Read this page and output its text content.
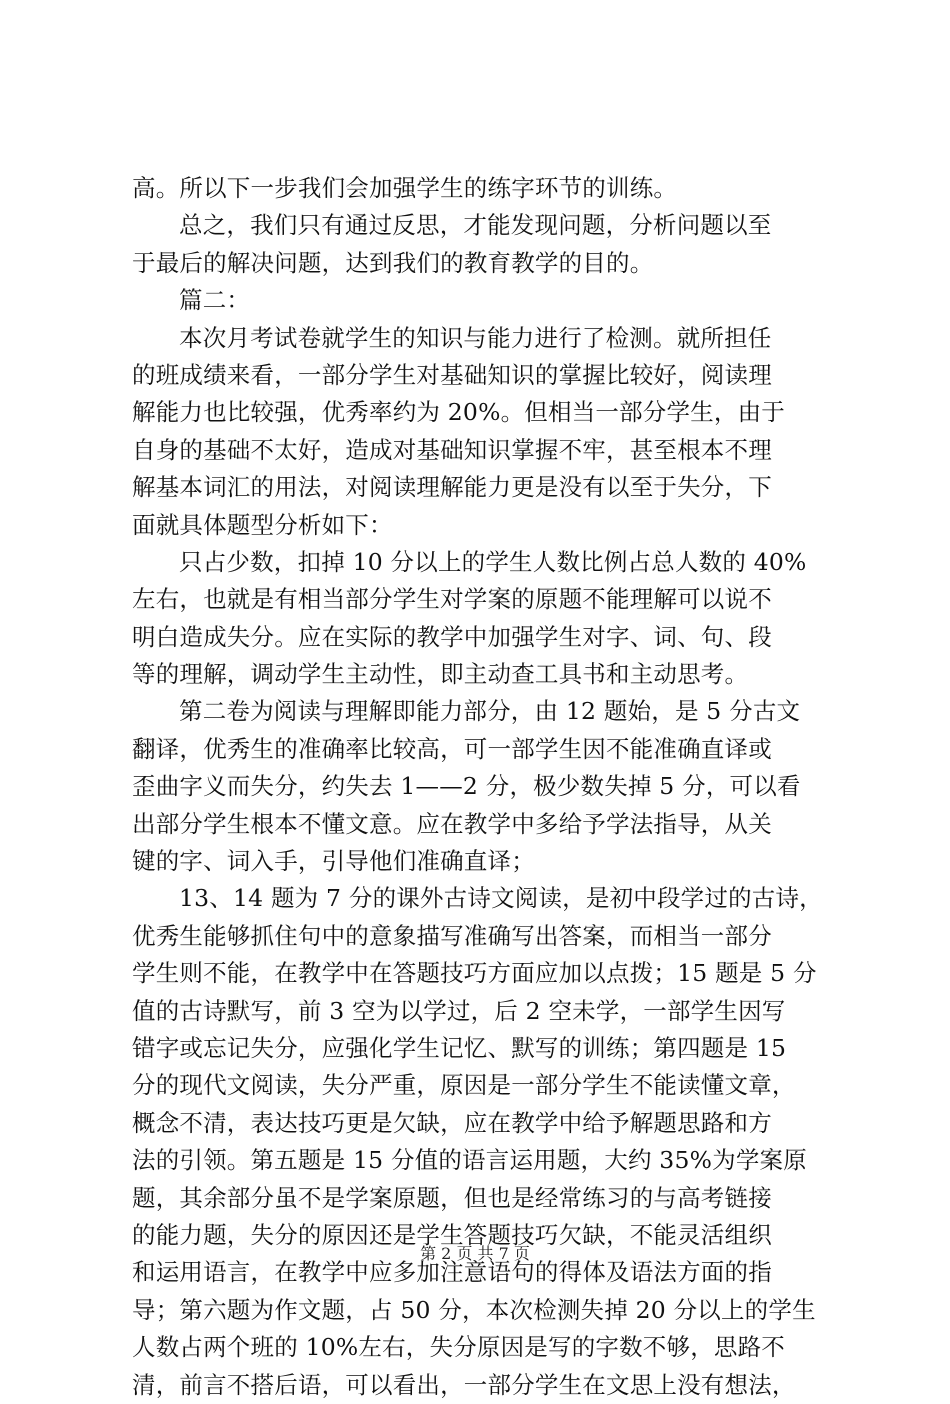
高。所以下一步我们会加强学生的练字环节的训练。
总之，我们只有通过反思，才能发现问题，分析问题以至
于最后的解决问题，达到我们的教育教学的目的。
篇二：
本次月考试卷就学生的知识与能力进行了检测。就所担任
的班成绩来看，一部分学生对基础知识的掌握比较好，阅读理
解能力也比较强，优秀率约为 20%。但相当一部分学生，由于
自身的基础不太好，造成对基础知识掌握不牢，甚至根本不理
解基本词汇的用法，对阅读理解能力更是没有以至于失分，下
面就具体题型分析如下：
只占少数，扣掉 10 分以上的学生人数比例占总人数的 40%
左右，也就是有相当部分学生对学案的原题不能理解可以说不
明白造成失分。应在实际的教学中加强学生对字、词、句、段
等的理解，调动学生主动性，即主动查工具书和主动思考。
第二卷为阅读与理解即能力部分，由 12 题始，是 5 分古文
翻译，优秀生的准确率比较高，可一部学生因不能准确直译或
歪曲字义而失分，约失去 1——2 分，极少数失掉 5 分，可以看
出部分学生根本不懂文意。应在教学中多给予学法指导，从关
键的字、词入手，引导他们准确直译；
13、14 题为 7 分的课外古诗文阅读，是初中段学过的古诗，
优秀生能够抓住句中的意象描写准确写出答案，而相当一部分
学生则不能，在教学中在答题技巧方面应加以点拨；15 题是 5 分
值的古诗默写，前 3 空为以学过，后 2 空未学，一部学生因写
错字或忘记失分，应强化学生记忆、默写的训练；第四题是 15
分的现代文阅读，失分严重，原因是一部分学生不能读懂文章，
概念不清，表达技巧更是欠缺，应在教学中给予解题思路和方
法的引领。第五题是 15 分值的语言运用题，大约 35%为学案原
题，其余部分虽不是学案原题，但也是经常练习的与高考链接
的能力题，失分的原因还是学生答题技巧欠缺，不能灵活组织
和运用语言，在教学中应多加注意语句的得体及语法方面的指
导；第六题为作文题，占 50 分，本次检测失掉 20 分以上的学生
人数占两个班的 10%左右，失分原因是写的字数不够，思路不
清，前言不搭后语，可以看出，一部分学生在文思上没有想法，
第 2 页 共 7 页
